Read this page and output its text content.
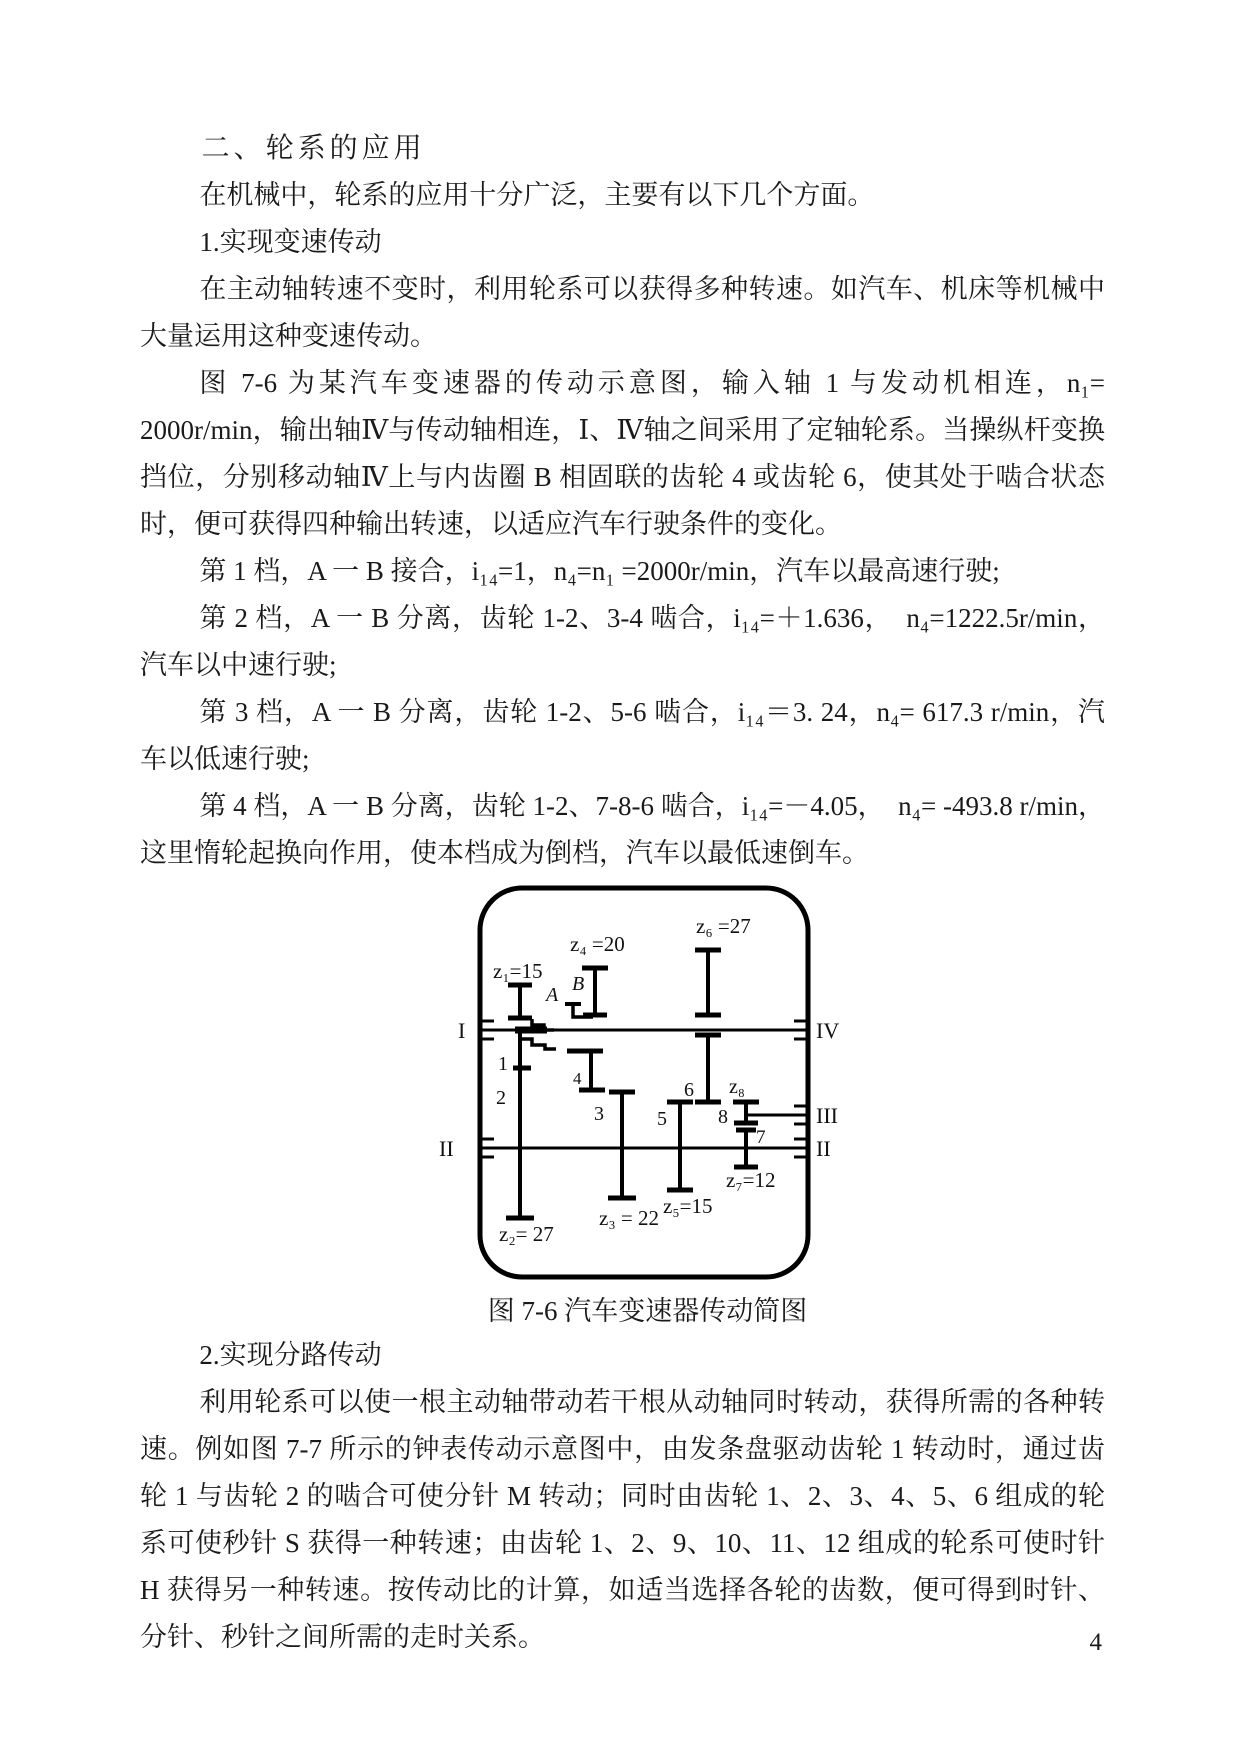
二、轮系的应用

在机械中，轮系的应用十分广泛，主要有以下几个方面。

1.实现变速传动

在主动轴转速不变时，利用轮系可以获得多种转速。如汽车、机床等机械中大量运用这种变速传动。

图 7-6 为某汽车变速器的传动示意图，输入轴 1 与发动机相连，n₁= 2000r/min，输出轴Ⅳ与传动轴相连，Ⅰ、Ⅳ轴之间采用了定轴轮系。当操纵杆变换挡位，分别移动轴Ⅳ上与内齿圈 B 相固联的齿轮 4 或齿轮 6，使其处于啮合状态时，便可获得四种输出转速，以适应汽车行驶条件的变化。

第 1 档，A 一 B 接合，i₁₄=1，n₄=n₁ =2000r/min，汽车以最高速行驶;

第 2 档，A 一 B 分离，齿轮 1-2、3-4 啮合，i₁₄=＋1.636，　n₄=1222.5r/min，汽车以中速行驶;

第 3 档，A 一 B 分离，齿轮 1-2、5-6 啮合，i₁₄＝3. 24，n₄= 617.3 r/min，汽车以低速行驶;

第 4 档，A 一 B 分离，齿轮 1-2、7-8-6 啮合，i₁₄=－4.05，　n₄= -493.8 r/min，这里惰轮起换向作用，使本档成为倒档，汽车以最低速倒车。

I	IV
II	II
III
z₁=15
A B
z₄ =20
4
1
2
z₂= 27
3
z₃ = 22
5
z₅=15
z₆ =27
6 z₈
8
7
z₇=12
图 7-6 汽车变速器传动简图

2.实现分路传动

利用轮系可以使一根主动轴带动若干根从动轴同时转动，获得所需的各种转速。例如图 7-7 所示的钟表传动示意图中，由发条盘驱动齿轮 1 转动时，通过齿轮 1 与齿轮 2 的啮合可使分针 M 转动；同时由齿轮 1、2、3、4、5、6 组成的轮系可使秒针 S 获得一种转速；由齿轮 1、2、9、10、11、12 组成的轮系可使时针 H 获得另一种转速。按传动比的计算，如适当选择各轮的齿数，便可得到时针、分针、秒针之间所需的走时关系。	4
